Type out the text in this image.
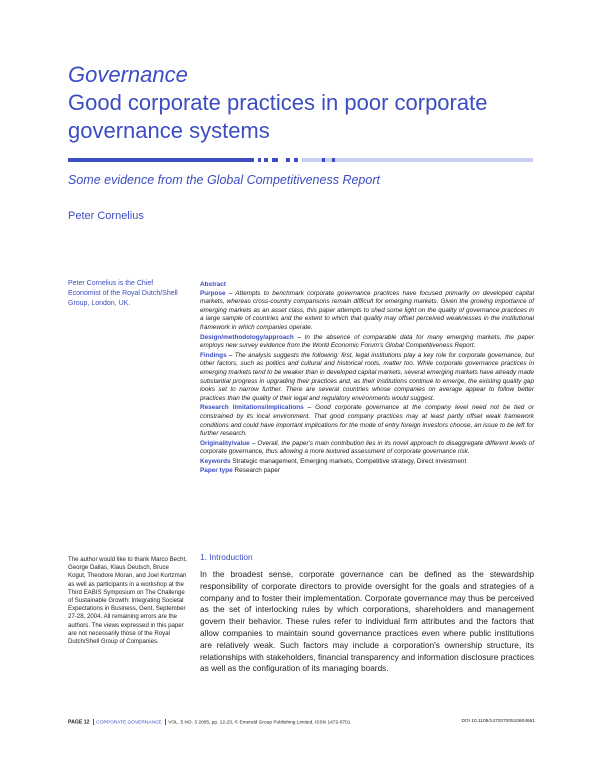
Governance
Good corporate practices in poor corporate governance systems
Some evidence from the Global Competitiveness Report
Peter Cornelius
Peter Cornelius is the Chief Economist of the Royal Dutch/Shell Group, London, UK.
Abstract

Purpose – Attempts to benchmark corporate governance practices have focused primarily on developed capital markets, whereas cross-country comparisons remain difficult for emerging markets. Given the growing importance of emerging markets as an asset class, this paper attempts to shed some light on the quality of governance practices in a large sample of countries and the extent to which that quality may offset perceived weaknesses in the institutional framework in which companies operate.

Design/methodology/approach – In the absence of comparable data for many emerging markets, the paper employs new survey evidence from the World Economic Forum's Global Competitiveness Report.

Findings – The analysis suggests the following: first, legal institutions play a key role for corporate governance, but other factors, such as politics and cultural and historical roots, matter too. While corporate governance practices in emerging markets tend to be weaker than in developed capital markets, several emerging markets have already made substantial progress in upgrading their practices and, as their institutions continue to emerge, the existing quality gap looks set to narrow further. There are several countries whose companies on average appear to follow better practices than the quality of their legal and regulatory environments would suggest.

Research limitations/implications – Good corporate governance at the company level need not be tied or constrained by its local environment. That good company practices may at least partly offset weak framework conditions and could have important implications for the mode of entry foreign investors choose, an issue to be left for further research.

Originality/value – Overall, the paper's main contribution lies in its novel approach to disaggregate different levels of corporate governance, thus allowing a more textured assessment of corporate governance risk.

Keywords Strategic management, Emerging markets, Competitive strategy, Direct investment

Paper type Research paper

The author would like to thank Marco Becht, George Dallas, Klaus Deutsch, Bruce Kogut, Theodore Moran, and Joel Kurtzman as well as participants in a workshop at the Third EABIS Symposium on The Challenge of Sustainable Growth: Integrating Societal Expectations in Business, Gent, September 27-28, 2004. All remaining errors are the authors. The views expressed in this paper are not necessarily those of the Royal Dutch/Shell Group of Companies.
1. Introduction

In the broadest sense, corporate governance can be defined as the stewardship responsibility of corporate directors to provide oversight for the goals and strategies of a company and to foster their implementation. Corporate governance may thus be perceived as the set of interlocking rules by which corporations, shareholders and management govern their behavior. These rules refer to individual firm attributes and the factors that allow companies to maintain sound governance practices even where public institutions are relatively weak. Such factors may include a corporation's ownership structure, its relationships with stakeholders, financial transparency and information disclosure practices as well as the configuration of its managing boards.

PAGE 12 CORPORATE GOVERNANCE VOL. 5 NO. 3 2005, pp. 12-23, © Emerald Group Publishing Limited, ISSN 1472-0701	DOI 10.1108/14720700510604661
